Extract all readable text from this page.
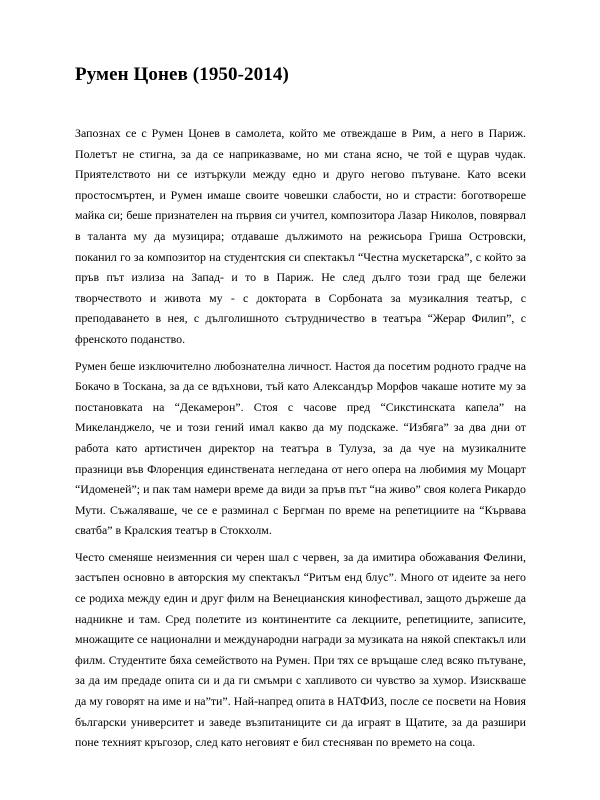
Румен Цонев (1950-2014)

Запознах се с Румен Цонев в самолета, който ме отвеждаше в Рим, а него в Париж. Полетът не стигна, за да се наприказваме, но ми стана ясно, че той е щурав чудак. Приятелството ни се изтъркули между едно и друго негово пътуване. Като всеки простосмъртен, и Румен имаше своите човешки слабости, но и страсти: боготвореше майка си; беше признателен на първия си учител, композитора Лазар Николов, повярвал в таланта му да музицира; отдаваше дължимото на режисьора Гриша Островски, поканил го за композитор на студентския си спектакъл “Честна мускетарска”, с който за пръв път излиза на Запад- и то в Париж. Не след дълго този град ще бележи творчеството и живота му - с доктората в Сорбоната за музикалния театър, с преподаването в нея, с дълголишното сътрудничество в театъра “Жерар Филип”, с френското поданство.

Румен беше изключително любознателна личност. Настоя да посетим родното градче на Бокачо в Тоскана, за да се вдъхнови, тъй като Александър Морфов чакаше нотите му за постановката на “Декамерон”. Стоя с часове пред “Сикстинската капела” на Микеланджело, че и този гений имал какво да му подскаже. “Избяга” за два дни от работа като артистичен директор на театъра в Тулуза, за да чуе на музикалните празници във Флоренция единствената негледана от него опера на любимия му Моцарт “Идоменей”; и пак там намери време да види за пръв път “на живо” своя колега Рикардо Мути. Съжаляваше, че се е разминал с Бергман по време на репетициите на “Кървава сватба” в Кралския театър в Стокхолм.

Често сменяше неизменния си черен шал с червен, за да имитира обожавания Фелини, застъпен основно в авторския му спектакъл “Ритъм енд блус”. Много от идеите за него се родиха между един и друг филм на Венецианския кинофестивал, защото държеше да надникне и там. Сред полетите из континентите са лекциите, репетициите, записите, множащите се национални и международни награди за музиката на някой спектакъл или филм. Студентите бяха семейството на Румен. При тях се връщаше след всяко пътуване, за да им предаде опита си и да ги смъмри с хапливото си чувство за хумор. Изискваше да му говорят на име и на”ти”. Най-напред опита в НАТФИЗ, после се посвети на Новия български университет и заведе възпитаниците си да играят в Щатите, за да разшири поне техният кръгозор, след като неговият е бил стесняван по времето на соца.
